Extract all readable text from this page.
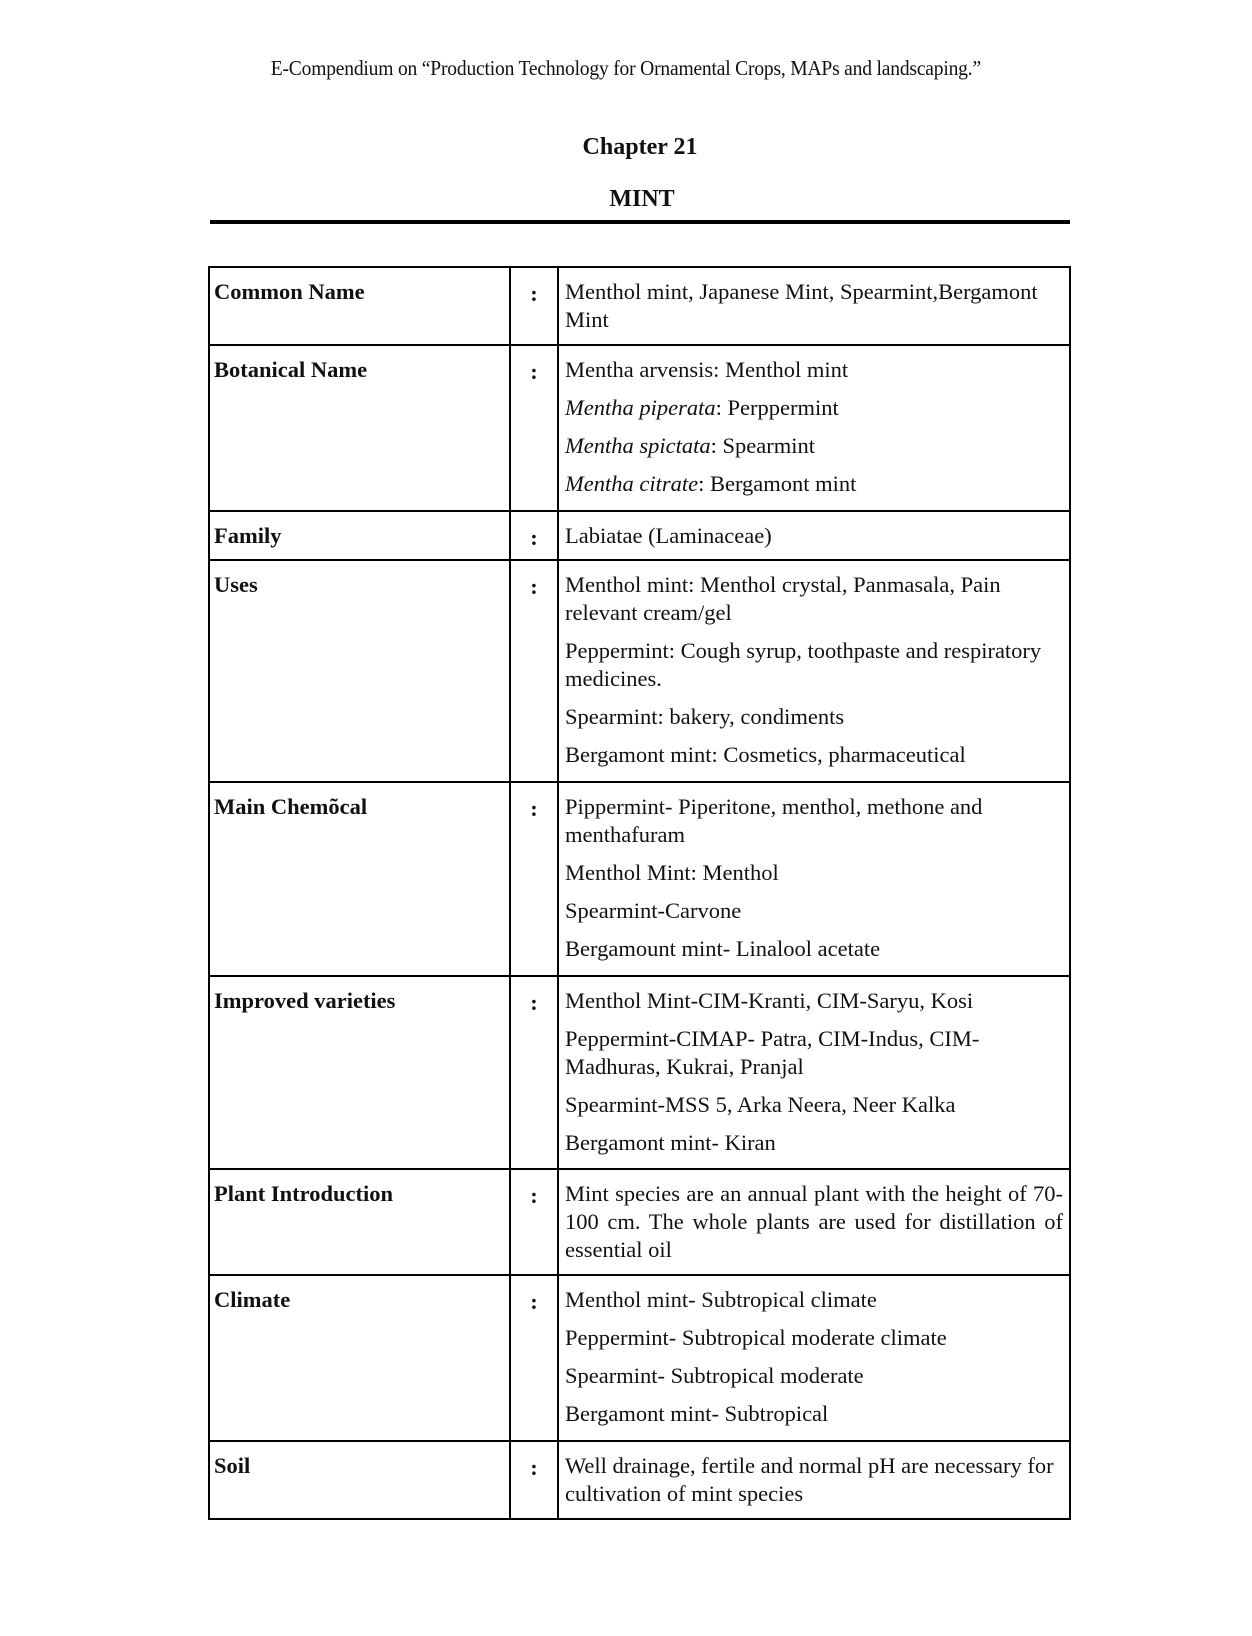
E-Compendium on “Production Technology for Ornamental Crops, MAPs and landscaping.”
Chapter 21
MINT
Common Name	:	Menthol mint, Japanese Mint, Spearmint,Bergamont Mint

Botanical Name	:	Mentha arvensis: Menthol mint
Mentha piperata: Perppermint
Mentha spictata: Spearmint
Mentha citrate: Bergamont mint

Family	:	Labiatae (Laminaceae)

Uses	:	Menthol mint: Menthol crystal, Panmasala, Pain relevant cream/gel
Peppermint: Cough syrup, toothpaste and respiratory medicines.
Spearmint: bakery, condiments
Bergamont mint: Cosmetics, pharmaceutical

Main Chemõcal	:	Pippermint- Piperitone, menthol, methone and menthafuram
Menthol Mint: Menthol
Spearmint-Carvone
Bergamount mint- Linalool acetate

Improved varieties	:	Menthol Mint-CIM-Kranti, CIM-Saryu, Kosi
Peppermint-CIMAP- Patra, CIM-Indus, CIM-Madhuras, Kukrai, Pranjal
Spearmint-MSS 5, Arka Neera, Neer Kalka
Bergamont mint- Kiran

Plant Introduction	:	Mint species are an annual plant with the height of 70-100 cm. The whole plants are used for distillation of essential oil

Climate	:	Menthol mint- Subtropical climate
Peppermint- Subtropical moderate climate
Spearmint- Subtropical moderate
Bergamont mint- Subtropical

Soil	:	Well drainage, fertile and normal pH are necessary for cultivation of mint species
